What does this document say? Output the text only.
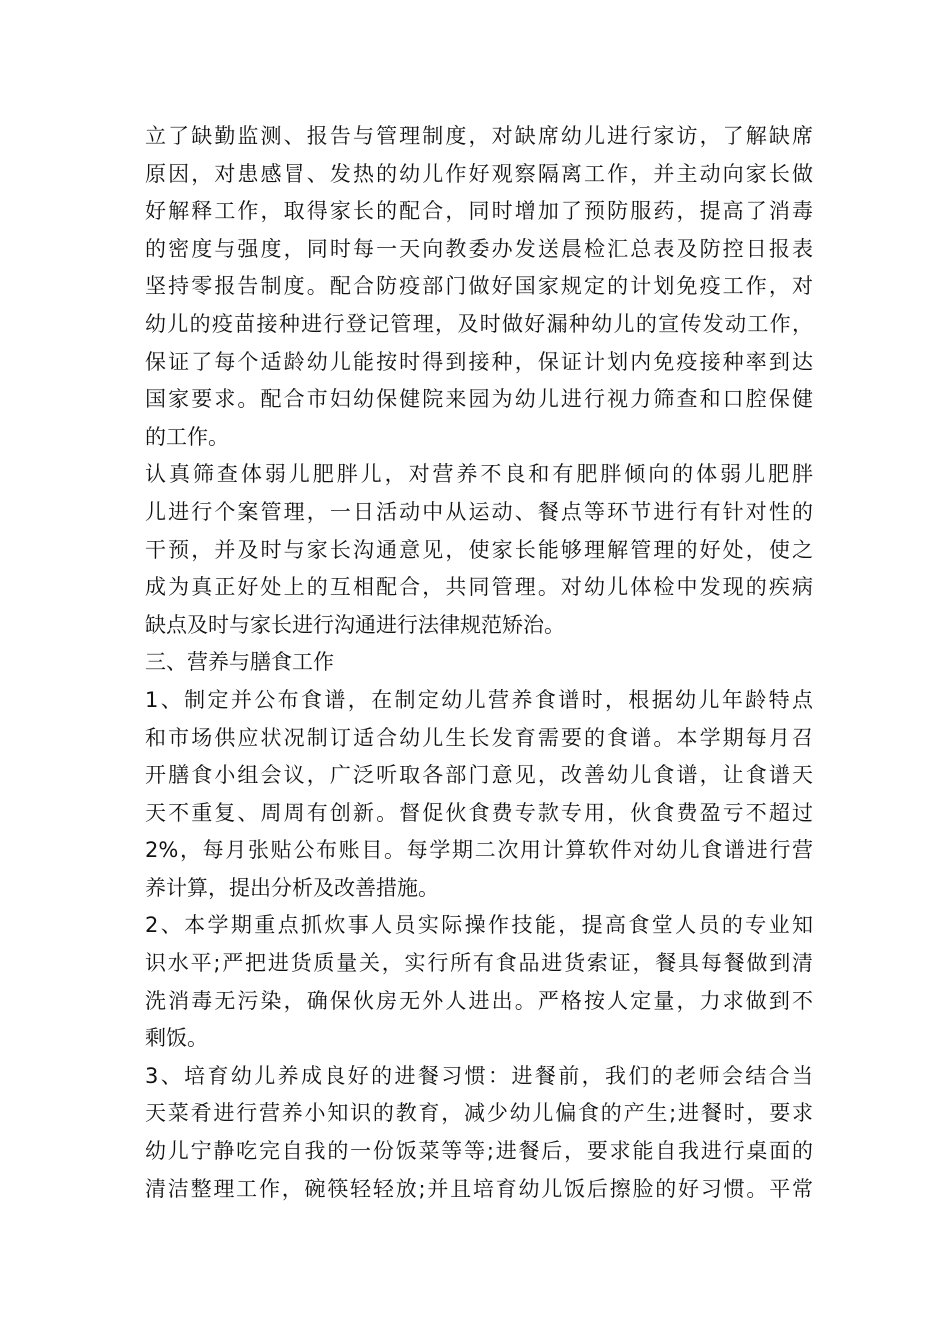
立了缺勤监测、报告与管理制度，对缺席幼儿进行家访，了解缺席
原因，对患感冒、发热的幼儿作好观察隔离工作，并主动向家长做
好解释工作，取得家长的配合，同时增加了预防服药，提高了消毒
的密度与强度，同时每一天向教委办发送晨检汇总表及防控日报表
坚持零报告制度。配合防疫部门做好国家规定的计划免疫工作，对
幼儿的疫苗接种进行登记管理，及时做好漏种幼儿的宣传发动工作，
保证了每个适龄幼儿能按时得到接种，保证计划内免疫接种率到达
国家要求。配合市妇幼保健院来园为幼儿进行视力筛查和口腔保健
的工作。
认真筛查体弱儿肥胖儿，对营养不良和有肥胖倾向的体弱儿肥胖
儿进行个案管理，一日活动中从运动、餐点等环节进行有针对性的
干预，并及时与家长沟通意见，使家长能够理解管理的好处，使之
成为真正好处上的互相配合，共同管理。对幼儿体检中发现的疾病
缺点及时与家长进行沟通进行法律规范矫治。
三、营养与膳食工作
1、制定并公布食谱，在制定幼儿营养食谱时，根据幼儿年龄特点
和市场供应状况制订适合幼儿生长发育需要的食谱。本学期每月召
开膳食小组会议，广泛听取各部门意见，改善幼儿食谱，让食谱天
天不重复、周周有创新。督促伙食费专款专用，伙食费盈亏不超过
2%，每月张贴公布账目。每学期二次用计算软件对幼儿食谱进行营
养计算，提出分析及改善措施。
2、本学期重点抓炊事人员实际操作技能，提高食堂人员的专业知
识水平;严把进货质量关，实行所有食品进货索证，餐具每餐做到清
洗消毒无污染，确保伙房无外人进出。严格按人定量，力求做到不
剩饭。
3、培育幼儿养成良好的进餐习惯：进餐前，我们的老师会结合当
天菜肴进行营养小知识的教育，减少幼儿偏食的产生;进餐时，要求
幼儿宁静吃完自我的一份饭菜等等;进餐后，要求能自我进行桌面的
清洁整理工作，碗筷轻轻放;并且培育幼儿饭后擦脸的好习惯。平常
